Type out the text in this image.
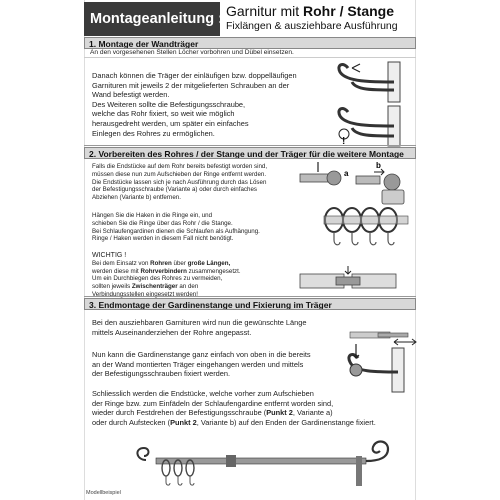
Montageanleitung : Garnitur mit Rohr / Stange
Fixlängen & ausziehbare Ausführung
1. Montage der Wandträger
An den vorgesehenen Stellen Löcher vorbohren und Dübel einsetzen.
Danach können die Träger der einläufigen bzw. doppelläufigen
Garnituren mit jeweils 2 der mitgelieferten Schrauben an der
Wand befestigt werden.
Des Weiteren sollte die Befestigungsschraube,
welche das Rohr fixiert, so weit wie möglich
herausgedreht werden, um später ein einfaches
Einlegen des Rohres zu ermöglichen.
!
2. Vorbereiten des Rohres / der Stange und der Träger für die weitere Montage
Falls die Endstücke auf dem Rohr bereits befestigt worden sind,
müssen diese nun zum Aufschieben der Ringe entfernt werden.
Die Endstücke lassen sich je nach Ausführung durch das Lösen
der Befestigungsschraube (Variante a) oder durch einfaches
Abziehen (Variante b) entfernen.
a
b
Hängen Sie die Haken in die Ringe ein, und
schieben Sie die Ringe über das Rohr / die Stange.
Bei Schlaufengardinen dienen die Schlaufen als Aufhängung.
Ringe / Haken werden in diesem Fall nicht benötigt.
WICHTIG !
Bei dem Einsatz von Rohren über große Längen,
werden diese mit Rohrverbindern zusammengesetzt.
Um ein Durchbiegen des Rohres zu vermeiden,
sollten jeweils Zwischenträger an den
Verbindungsstellen eingesetzt werden!
3. Endmontage der Gardinenstange und Fixierung im Träger
Bei den ausziehbaren Garnituren wird nun die gewünschte Länge
mittels Auseinanderziehen der Rohre angepasst.
Nun kann die Gardinenstange ganz einfach von oben in die bereits
an der Wand montierten Träger eingehangen werden und mittels
der Befestigungsschrauben fixiert werden.
Schliesslich werden die Endstücke, welche vorher zum Aufschieben
der Ringe bzw. zum Einfädeln der Schlaufengardine entfernt worden sind,
wieder durch Festdrehen der Befestigungsschraube (Punkt 2, Variante a)
oder durch Aufstecken (Punkt 2, Variante b) auf den Enden der Gardinenstange fixiert.
Modellbeispiel
